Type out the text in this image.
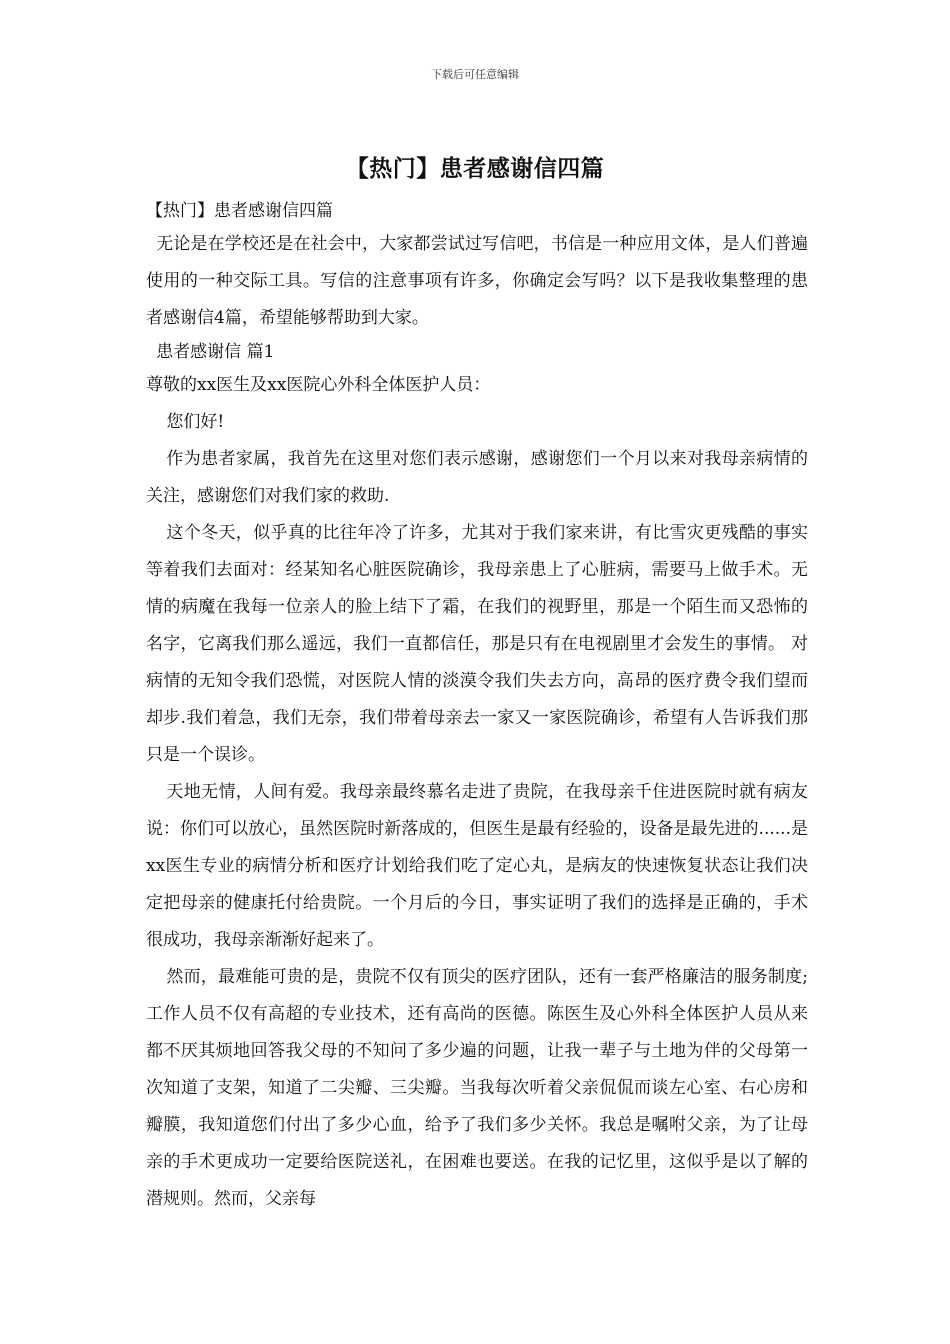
下载后可任意编辑
【热门】患者感谢信四篇

【热门】患者感谢信四篇

无论是在学校还是在社会中，大家都尝试过写信吧，书信是一种应用文体，是人们普遍使用的一种交际工具。写信的注意事项有许多，你确定会写吗？以下是我收集整理的患者感谢信4篇，希望能够帮助到大家。

患者感谢信 篇1

尊敬的xx医生及xx医院心外科全体医护人员：

您们好!

作为患者家属，我首先在这里对您们表示感谢，感谢您们一个月以来对我母亲病情的关注，感谢您们对我们家的救助.

这个冬天，似乎真的比往年冷了许多，尤其对于我们家来讲，有比雪灾更残酷的事实等着我们去面对：经某知名心脏医院确诊，我母亲患上了心脏病，需要马上做手术。无情的病魔在我每一位亲人的脸上结下了霜，在我们的视野里，那是一个陌生而又恐怖的名字，它离我们那么遥远，我们一直都信任，那是只有在电视剧里才会发生的事情。 对病情的无知令我们恐慌，对医院人情的淡漠令我们失去方向，高昂的医疗费令我们望而却步.我们着急，我们无奈，我们带着母亲去一家又一家医院确诊，希望有人告诉我们那只是一个误诊。

天地无情，人间有爱。我母亲最终慕名走进了贵院，在我母亲千住进医院时就有病友说：你们可以放心，虽然医院时新落成的，但医生是最有经验的，设备是最先进的......是xx医生专业的病情分析和医疗计划给我们吃了定心丸，是病友的快速恢复状态让我们决定把母亲的健康托付给贵院。一个月后的今日，事实证明了我们的选择是正确的，手术很成功，我母亲渐渐好起来了。

然而，最难能可贵的是，贵院不仅有顶尖的医疗团队，还有一套严格廉洁的服务制度;工作人员不仅有高超的专业技术，还有高尚的医德。陈医生及心外科全体医护人员从来都不厌其烦地回答我父母的不知问了多少遍的问题，让我一辈子与土地为伴的父母第一次知道了支架，知道了二尖瓣、三尖瓣。当我每次听着父亲侃侃而谈左心室、右心房和瓣膜，我知道您们付出了多少心血，给予了我们多少关怀。我总是嘱咐父亲，为了让母亲的手术更成功一定要给医院送礼，在困难也要送。在我的记忆里，这似乎是以了解的潜规则。然而，父亲每
